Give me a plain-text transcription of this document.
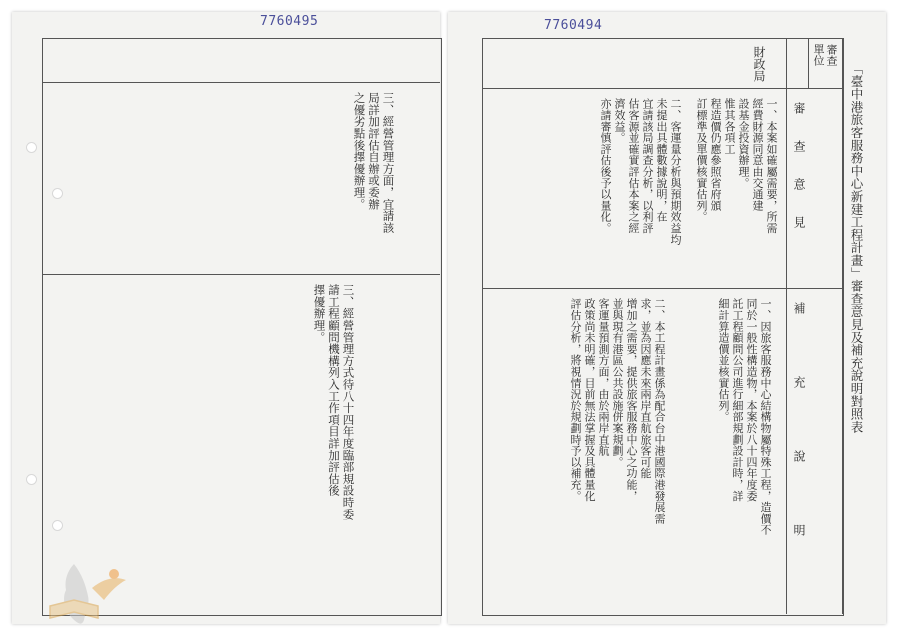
7760495
三、經營管理方面，宜請該
局詳加評估自辦或委辦
之優劣點後擇優辦理。
三、經營管理方式待八十四年度臨部規設時委
請工程顧問機構列入工作項目詳加評估後
擇優辦理。
7760494
「臺中港旅客服務中心新建工程計畫」審查意見及補充說明對照表
審查
單位
財政局
審 查 意 見
補 充 說 明
一、本案如確屬需要，所需
經費財源同意由交通建
設基金投資辦理。
惟其各項工
程造價仍應參照省府頒
訂標準及單價核實估列。
二、客運量分析與預期效益均
未提出具體數據說明，在
宜請該局調查分析，以利評
估客源並確實評估本案之經
濟效益。
亦請審慎評估後予以量化。
一、因旅客服務中心結構物屬特殊工程，造價不
同於一般性構造物，本案於八十四年度委
託工程顧問公司進行細部規劃設計時，詳
細計算造價並核實估列。
二、本工程計畫係為配合台中港國際港發展需
求，並為因應未來兩岸直航旅客可能
增加之需要，提供旅客服務中心之功能，
並與現有港區公共設施併案規劃。
客運量預測方面，由於兩岸直航
政策尚未明確，目前無法掌握及具體量化
評估分析，將視情況於規劃時予以補充。
